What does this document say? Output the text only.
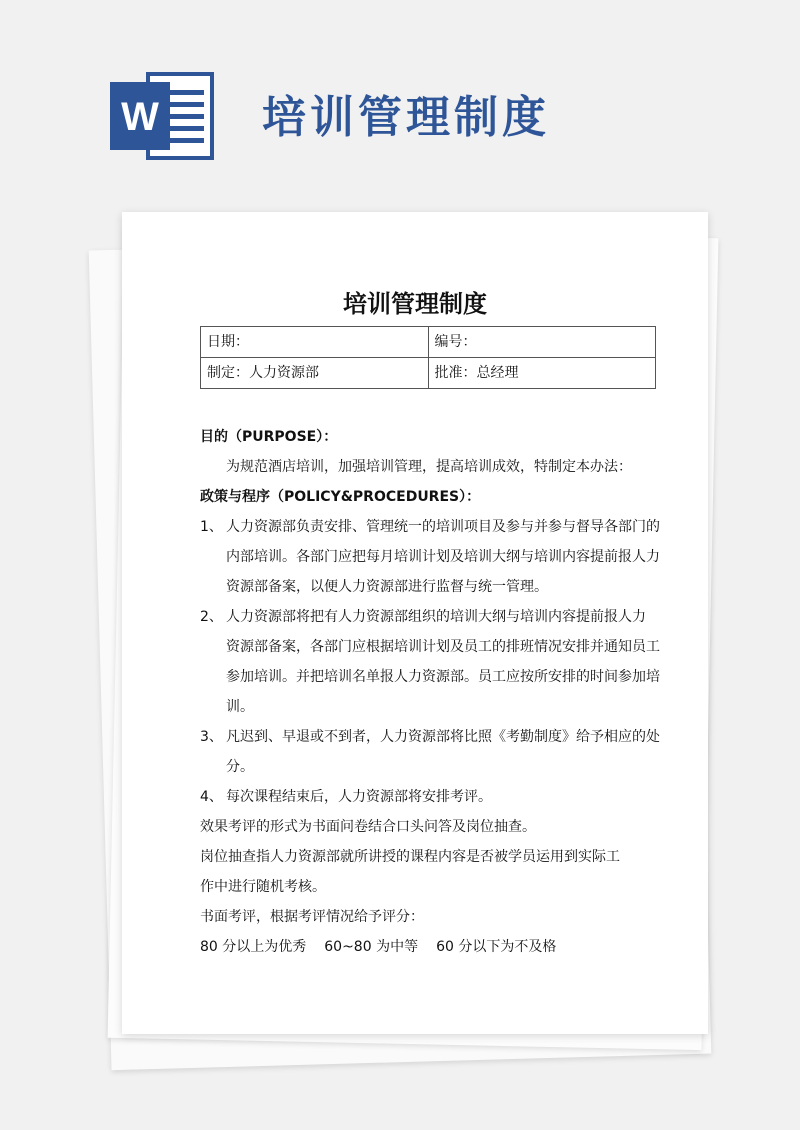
W 培训管理制度
培训管理制度
日期：	编号：
制定：人力资源部	批准：总经理
目的（PURPOSE）：
为规范酒店培训，加强培训管理，提高培训成效，特制定本办法：
政策与程序（POLICY&PROCEDURES）：
1、 人力资源部负责安排、管理统一的培训项目及参与并参与督导各部门的
内部培训。各部门应把每月培训计划及培训大纲与培训内容提前报人力
资源部备案，以便人力资源部进行监督与统一管理。
2、 人力资源部将把有人力资源部组织的培训大纲与培训内容提前报人力
资源部备案，各部门应根据培训计划及员工的排班情况安排并通知员工
参加培训。并把培训名单报人力资源部。员工应按所安排的时间参加培
训。
3、 凡迟到、早退或不到者，人力资源部将比照《考勤制度》给予相应的处
分。
4、 每次课程结束后，人力资源部将安排考评。
效果考评的形式为书面问卷结合口头问答及岗位抽查。
岗位抽查指人力资源部就所讲授的课程内容是否被学员运用到实际工
作中进行随机考核。
书面考评，根据考评情况给予评分：
80 分以上为优秀 60~80 为中等 60 分以下为不及格
